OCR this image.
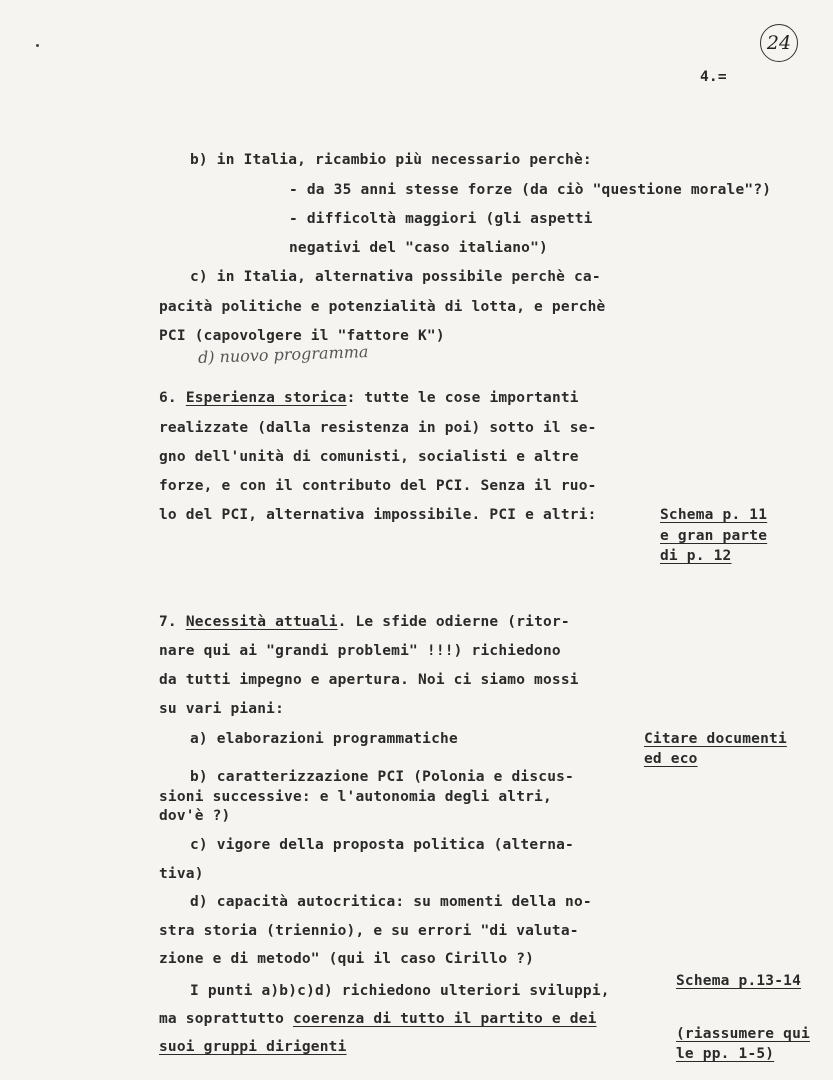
24
4.=
b) in Italia, ricambio più necessario perchè:
- da 35 anni stesse forze (da ciò "questione morale"?)
- difficoltà maggiori (gli aspetti
negativi del "caso italiano")
c) in Italia, alternativa possibile perchè ca-
pacità politiche e potenzialità di lotta, e perchè
PCI (capovolgere il "fattore K")
d) nuovo programma
6. Esperienza storica: tutte le cose importanti
realizzate (dalla resistenza in poi) sotto il se-
gno dell'unità di comunisti, socialisti e altre
forze, e con il contributo del PCI. Senza il ruo-
lo del PCI, alternativa impossibile. PCI e altri:	Schema p. 11
e gran parte
di p. 12
7. Necessità attuali. Le sfide odierne (ritor-
nare qui ai "grandi problemi" !!!) richiedono
da tutti impegno e apertura. Noi ci siamo mossi
su vari piani:
a) elaborazioni programmatiche	Citare documenti
ed eco
b) caratterizzazione PCI (Polonia e discus-
sioni successive: e l'autonomia degli altri,
dov'è ?)
c) vigore della proposta politica (alterna-
tiva)
d) capacità autocritica: su momenti della no-
stra storia (triennio), e su errori "di valuta-
zione e di metodo" (qui il caso Cirillo ?)
I punti a)b)c)d) richiedono ulteriori sviluppi,
Schema p.13-14
ma soprattutto coerenza di tutto il partito e dei
suoi gruppi dirigenti
(riassumere qui
le pp. 1-5)
